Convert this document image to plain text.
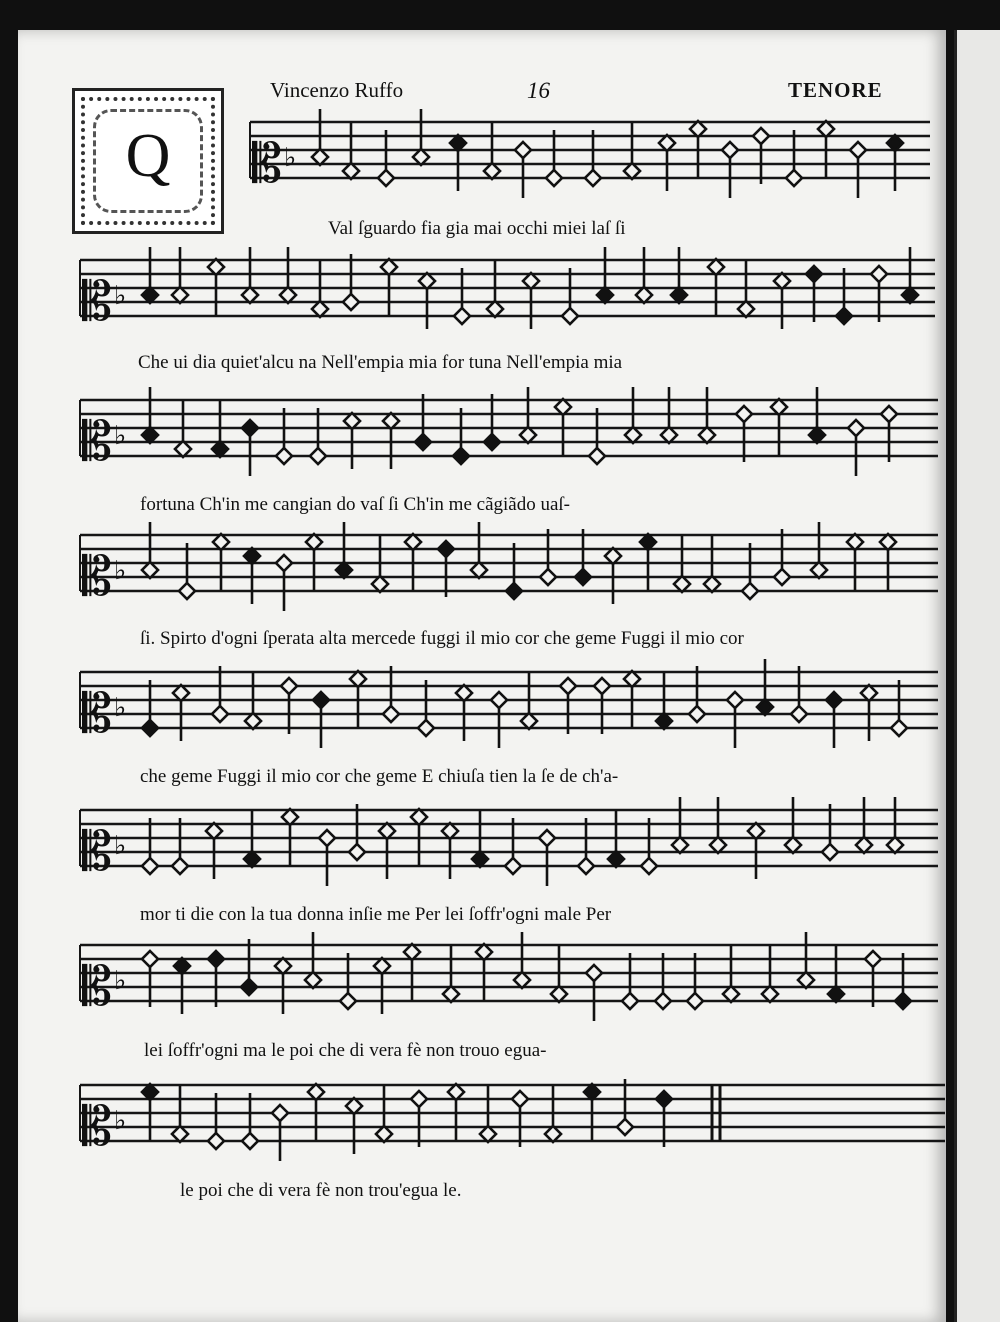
Vincenzo Ruffo	16	TENORE
Q	𝄡 ♭
𝄡 ♭
𝄡 ♭
𝄡 ♭
𝄡 ♭
𝄡 ♭
𝄡 ♭
𝄡 ♭
Val ſguardo fia gia mai occhi miei laſ ſi
Che ui dia quiet'alcu na Nell'empia mia for tuna Nell'empia mia
fortuna Ch'in me cangian do vaſ ſi Ch'in me cãgiãdo uaſ-
ſi. Spirto d'ogni ſperata alta mercede fuggi il mio cor che geme Fuggi il mio cor
che geme Fuggi il mio cor che geme E chiuſa tien la ſe de ch'a-
mor ti die con la tua donna inſie me Per lei ſoffr'ogni male Per
lei ſoffr'ogni ma le poi che di vera fè non trouo egua-
le poi che di vera fè non trou'egua le.
